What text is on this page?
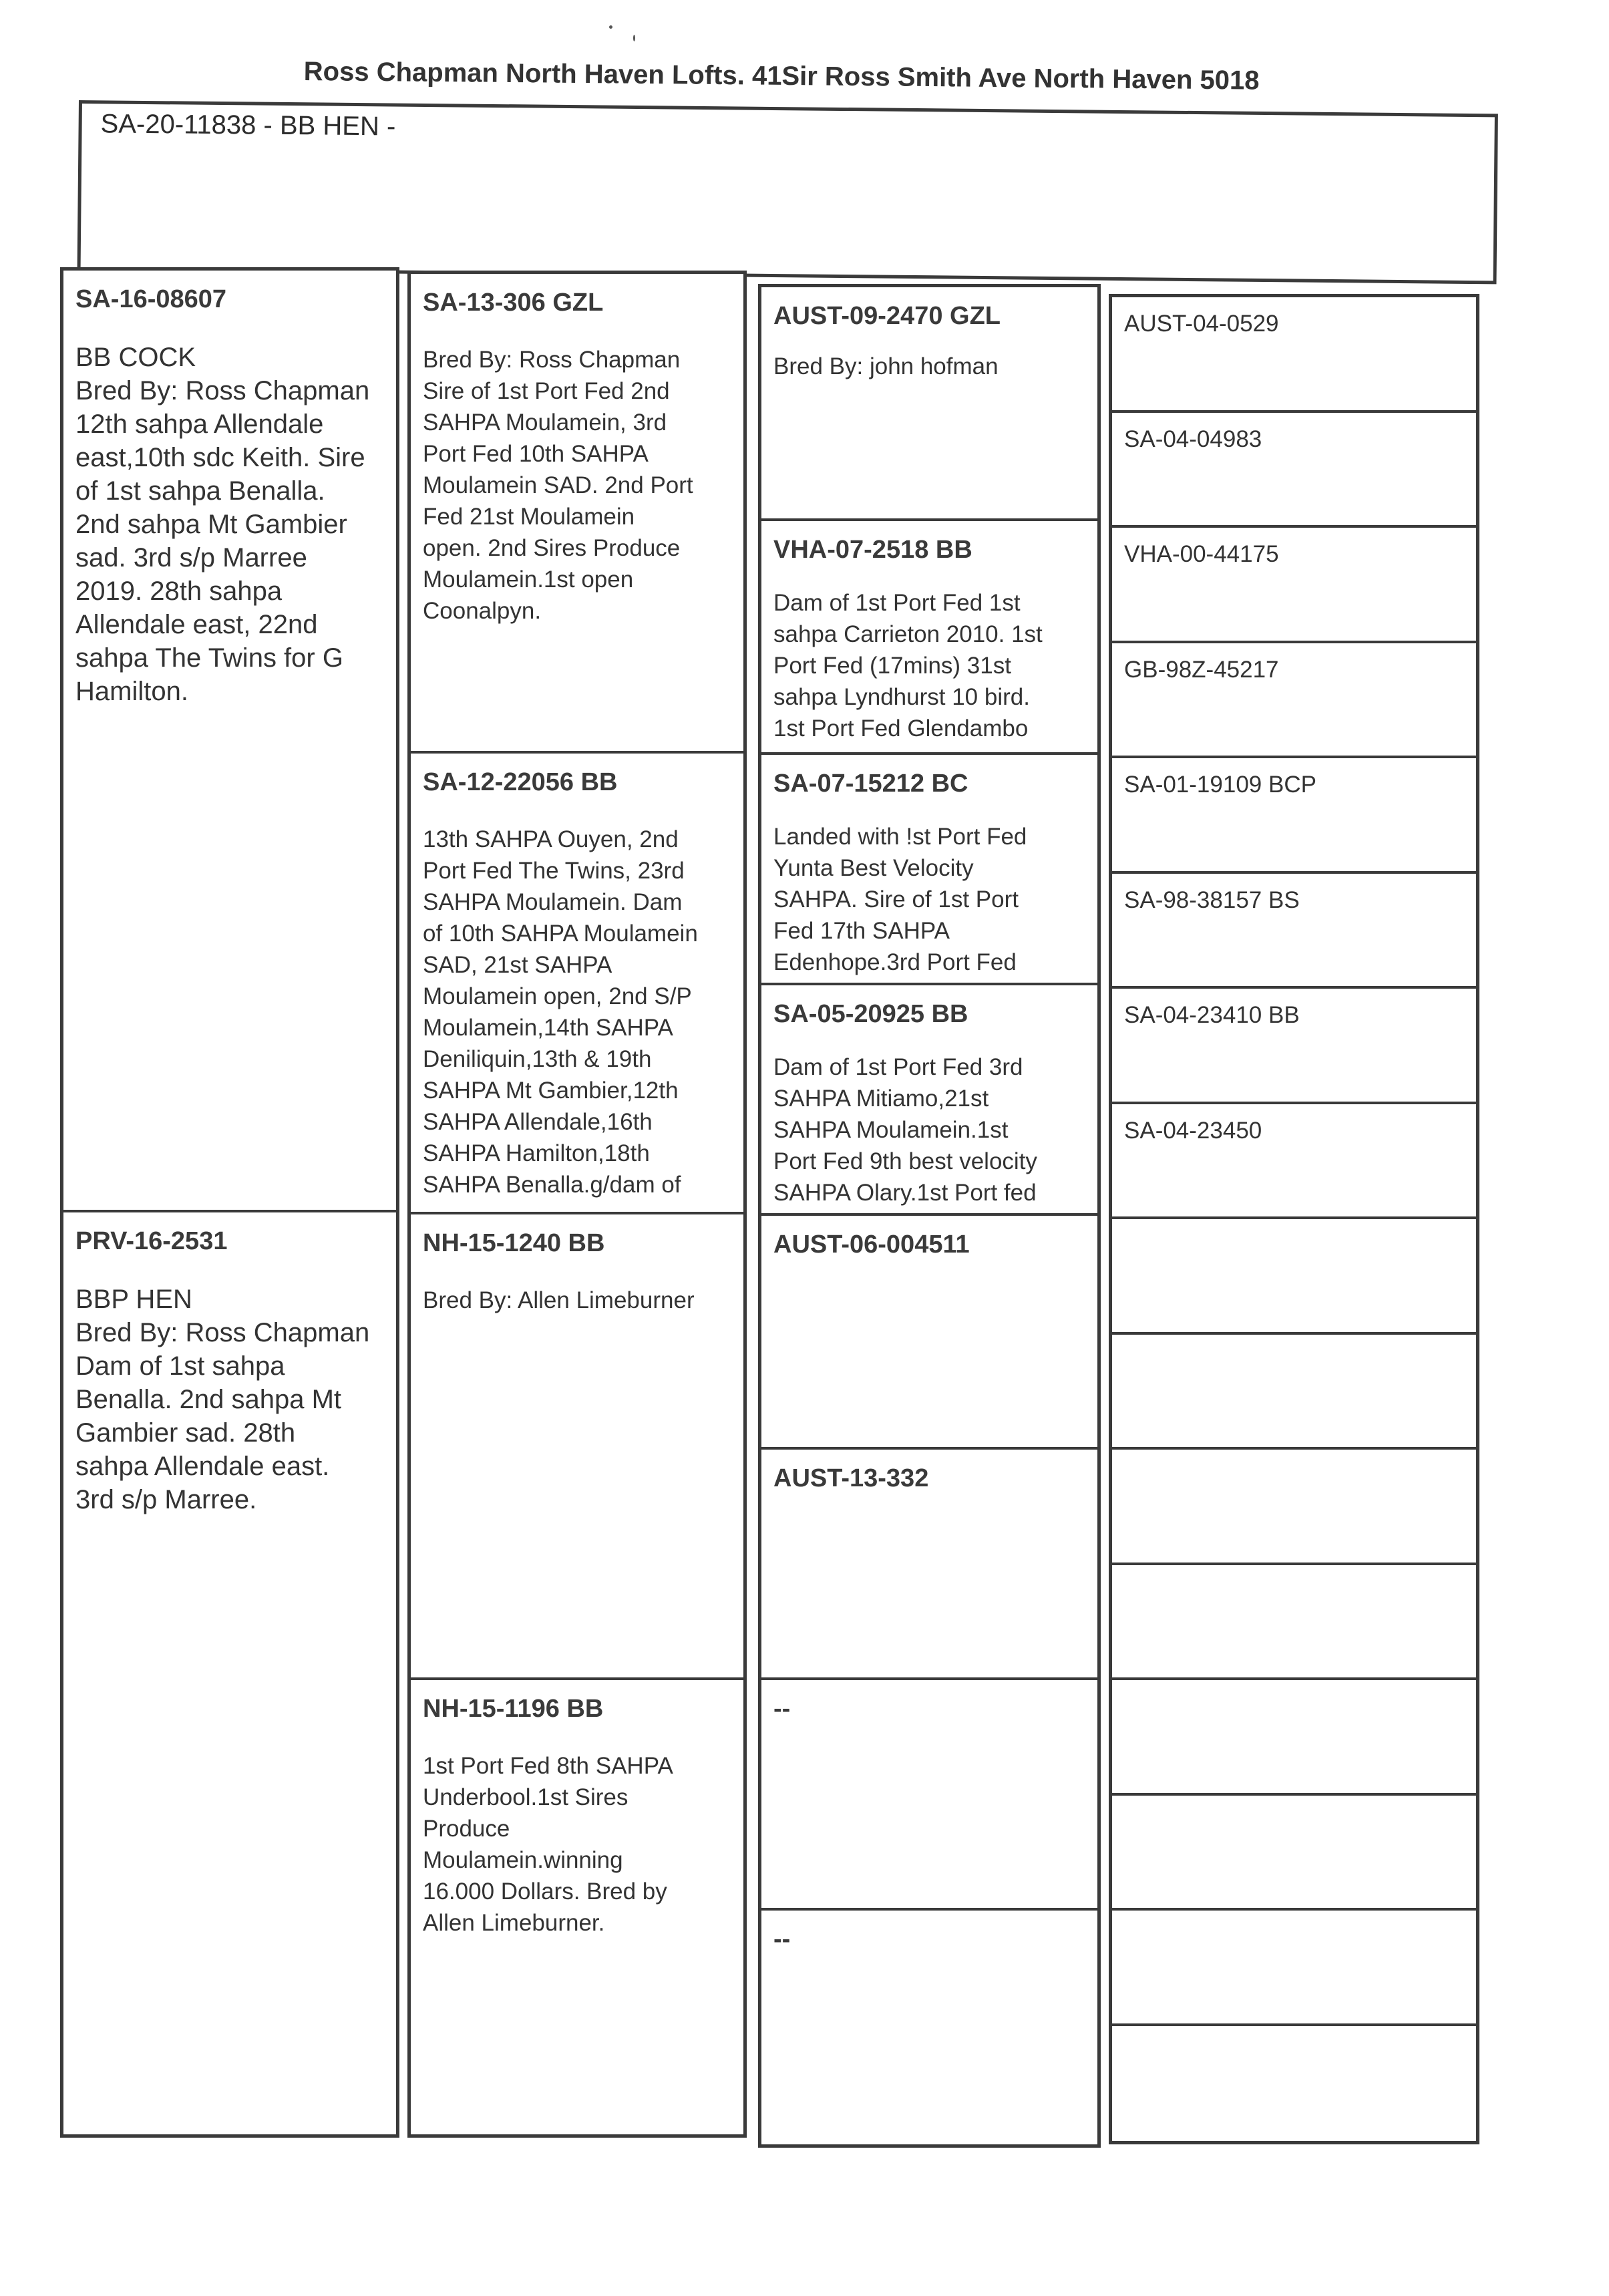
Ross Chapman North Haven Lofts. 41Sir Ross Smith Ave North Haven 5018
SA-20-11838 - BB HEN -
SA-16-08607
BB COCK
Bred By: Ross Chapman
12th sahpa Allendale
east,10th sdc Keith. Sire
of 1st sahpa Benalla.
2nd sahpa Mt Gambier
sad. 3rd s/p Marree
2019. 28th sahpa
Allendale east, 22nd
sahpa The Twins for G
Hamilton.
PRV-16-2531
BBP HEN
Bred By: Ross Chapman
Dam of 1st sahpa
Benalla. 2nd sahpa Mt
Gambier sad. 28th
sahpa Allendale east.
3rd s/p Marree.
SA-13-306 GZL
Bred By: Ross Chapman
Sire of 1st Port Fed 2nd
SAHPA Moulamein, 3rd
Port Fed 10th SAHPA
Moulamein SAD. 2nd Port
Fed 21st Moulamein
open. 2nd Sires Produce
Moulamein.1st open
Coonalpyn.
SA-12-22056 BB
13th SAHPA Ouyen, 2nd
Port Fed The Twins, 23rd
SAHPA Moulamein. Dam
of 10th SAHPA Moulamein
SAD, 21st SAHPA
Moulamein open, 2nd S/P
Moulamein,14th SAHPA
Deniliquin,13th & 19th
SAHPA Mt Gambier,12th
SAHPA Allendale,16th
SAHPA Hamilton,18th
SAHPA Benalla.g/dam of
NH-15-1240 BB
Bred By: Allen Limeburner
NH-15-1196 BB
1st Port Fed 8th SAHPA
Underbool.1st Sires
Produce
Moulamein.winning
16.000 Dollars. Bred by
Allen Limeburner.
AUST-09-2470 GZL
Bred By: john hofman
VHA-07-2518 BB
Dam of 1st Port Fed 1st
sahpa Carrieton 2010. 1st
Port Fed (17mins) 31st
sahpa Lyndhurst 10 bird.
1st Port Fed Glendambo
SA-07-15212 BC
Landed with !st Port Fed
Yunta Best Velocity
SAHPA. Sire of 1st Port
Fed 17th SAHPA
Edenhope.3rd Port Fed
SA-05-20925 BB
Dam of 1st Port Fed 3rd
SAHPA Mitiamo,21st
SAHPA Moulamein.1st
Port Fed 9th best velocity
SAHPA Olary.1st Port fed
AUST-06-004511
AUST-13-332
--
--
AUST-04-0529
SA-04-04983
VHA-00-44175
GB-98Z-45217
SA-01-19109 BCP
SA-98-38157 BS
SA-04-23410 BB
SA-04-23450
